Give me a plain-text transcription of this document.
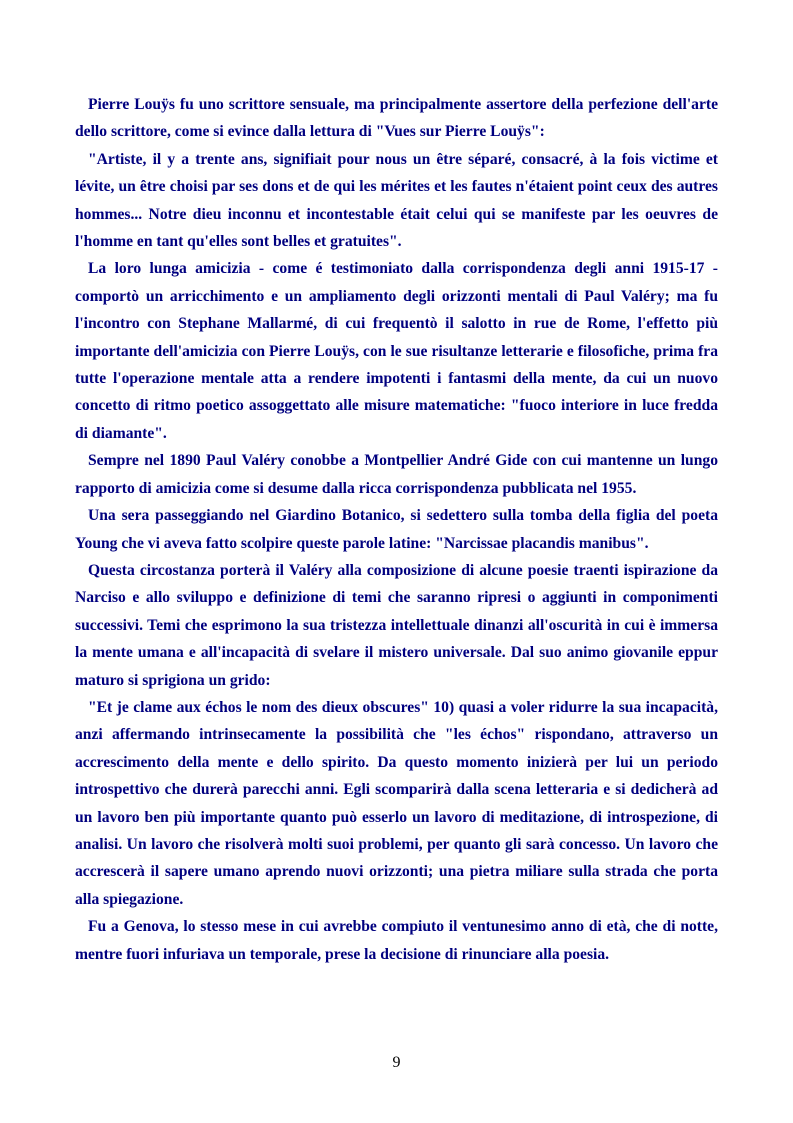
Pierre Louÿs fu uno scrittore sensuale, ma principalmente assertore della perfezione dell'arte dello scrittore, come si evince dalla lettura di "Vues sur Pierre Louÿs":

"Artiste, il y a trente ans, signifiait pour nous un être séparé, consacré, à la fois victime et lévite, un être choisi par ses dons et de qui les mérites et les fautes n'étaient point ceux des autres hommes... Notre dieu inconnu et incontestable était celui qui se manifeste par les oeuvres de l'homme en tant qu'elles sont belles et gratuites".

La loro lunga amicizia - come é testimoniato dalla corrispondenza degli anni 1915-17 - comportò un arricchimento e un ampliamento degli orizzonti mentali di Paul Valéry; ma fu l'incontro con Stephane Mallarmé, di cui frequentò il salotto in rue de Rome, l'effetto più importante dell'amicizia con Pierre Louÿs, con le sue risultanze letterarie e filosofiche, prima fra tutte l'operazione mentale atta a rendere impotenti i fantasmi della mente, da cui un nuovo concetto di ritmo poetico assoggettato alle misure matematiche: "fuoco interiore in luce fredda di diamante".

Sempre nel 1890 Paul Valéry conobbe a Montpellier André Gide con cui mantenne un lungo rapporto di amicizia come si desume dalla ricca corrispondenza pubblicata nel 1955.

Una sera passeggiando nel Giardino Botanico, si sedettero sulla tomba della figlia del poeta Young che vi aveva fatto scolpire queste parole latine: "Narcissae placandis manibus".

Questa circostanza porterà il Valéry alla composizione di alcune poesie traenti ispirazione da Narciso e allo sviluppo e definizione di temi che saranno ripresi o aggiunti in componimenti successivi. Temi che esprimono la sua tristezza intellettuale dinanzi all'oscurità in cui è immersa la mente umana e all'incapacità di svelare il mistero universale. Dal suo animo giovanile eppur maturo si sprigiona un grido:

"Et je clame aux échos le nom des dieux obscures" 10) quasi a voler ridurre la sua incapacità, anzi affermando intrinsecamente la possibilità che "les échos" rispondano, attraverso un accrescimento della mente e dello spirito. Da questo momento inizierà per lui un periodo introspettivo che durerà parecchi anni. Egli scomparirà dalla scena letteraria e si dedicherà ad un lavoro ben più importante quanto può esserlo un lavoro di meditazione, di introspezione, di analisi. Un lavoro che risolverà molti suoi problemi, per quanto gli sarà concesso. Un lavoro che accrescerà il sapere umano aprendo nuovi orizzonti; una pietra miliare sulla strada che porta alla spiegazione.

Fu a Genova, lo stesso mese in cui avrebbe compiuto il ventunesimo anno di età, che di notte, mentre fuori infuriava un temporale, prese la decisione di rinunciare alla poesia.

9
